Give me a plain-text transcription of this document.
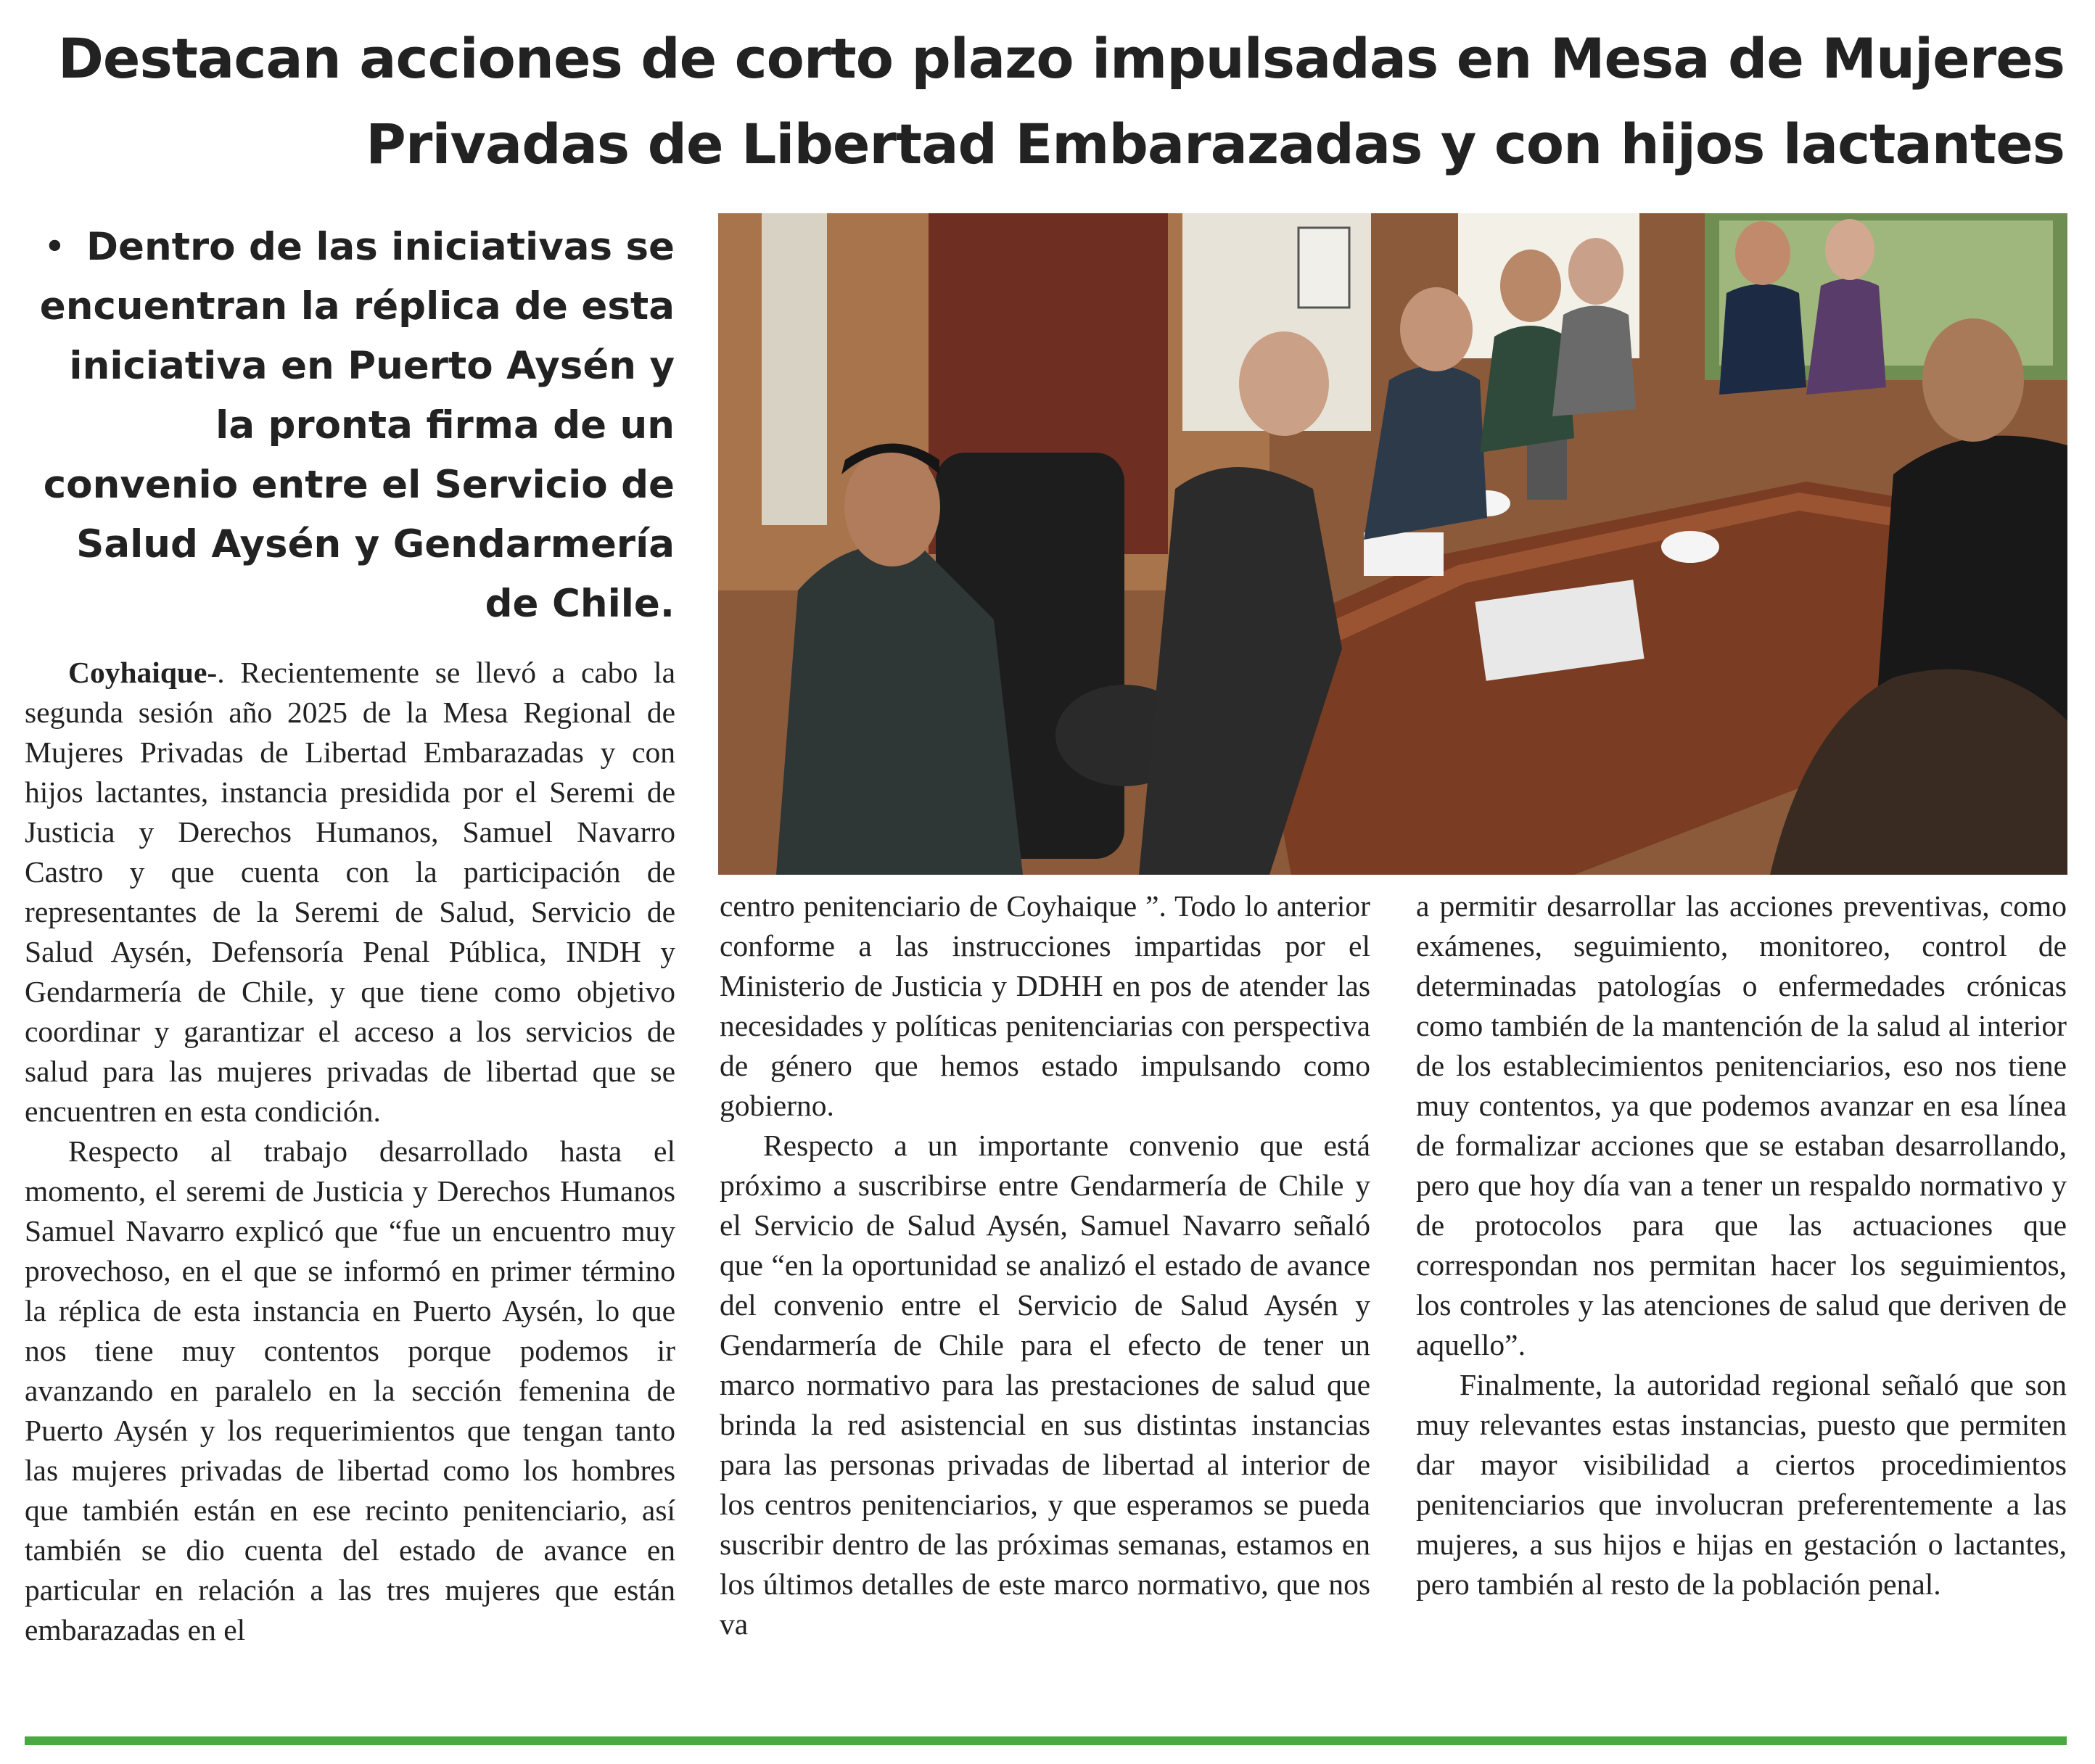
Destacan acciones de corto plazo impulsadas en Mesa de Mujeres
Privadas de Libertad Embarazadas y con hijos lactantes
• Dentro de las iniciativas se encuentran la réplica de esta iniciativa en Puerto Aysén y la pronta firma de un convenio entre el Servicio de Salud Aysén y Gendarmería de Chile.

Coyhaique-. Recientemente se llevó a cabo la segunda sesión año 2025 de la Mesa Regional de Mujeres Privadas de Libertad Embarazadas y con hijos lactantes, instancia presidida por el Seremi de Justicia y Derechos Humanos, Samuel Navarro Castro y que cuenta con la participación de representantes de la Seremi de Salud, Servicio de Salud Aysén, Defensoría Penal Pública, INDH y Gendarmería de Chile, y que tiene como objetivo coordinar y garantizar el acceso a los servicios de salud para las mujeres privadas de libertad que se encuentren en esta condición.

Respecto al trabajo desarrollado hasta el momento, el seremi de Justicia y Derechos Humanos Samuel Navarro explicó que “fue un encuentro muy provechoso, en el que se informó en primer término la réplica de esta instancia en Puerto Aysén, lo que nos tiene muy contentos porque podemos ir avanzando en paralelo en la sección femenina de Puerto Aysén y los requerimientos que tengan tanto las mujeres privadas de libertad como los hombres que también están en ese recinto penitenciario, así también se dio cuenta del estado de avance en particular en relación a las tres mujeres que están embarazadas en el

centro penitenciario de Coyhaique ”. Todo lo anterior conforme a las instrucciones impartidas por el Ministerio de Justicia y DDHH en pos de atender las necesidades y políticas penitenciarias con perspectiva de género que hemos estado impulsando como gobierno.

Respecto a un importante convenio que está próximo a suscribirse entre Gendarmería de Chile y el Servicio de Salud Aysén, Samuel Navarro señaló que “en la oportunidad se analizó el estado de avance del convenio entre el Servicio de Salud Aysén y Gendarmería de Chile para el efecto de tener un marco normativo para las prestaciones de salud que brinda la red asistencial en sus distintas instancias para las personas privadas de libertad al interior de los centros penitenciarios, y que esperamos se pueda suscribir dentro de las próximas semanas, estamos en los últimos detalles de este marco normativo, que nos va

a permitir desarrollar las acciones preventivas, como exámenes, seguimiento, monitoreo, control de determinadas patologías o enfermedades crónicas como también de la mantención de la salud al interior de los establecimientos penitenciarios, eso nos tiene muy contentos, ya que podemos avanzar en esa línea de formalizar acciones que se estaban desarrollando, pero que hoy día van a tener un respaldo normativo y de protocolos para que las actuaciones que correspondan nos permitan hacer los seguimientos, los controles y las atenciones de salud que deriven de aquello”.

Finalmente, la autoridad regional señaló que son muy relevantes estas instancias, puesto que permiten dar mayor visibilidad a ciertos procedimientos penitenciarios que involucran preferentemente a las mujeres, a sus hijos e hijas en gestación o lactantes, pero también al resto de la población penal.
